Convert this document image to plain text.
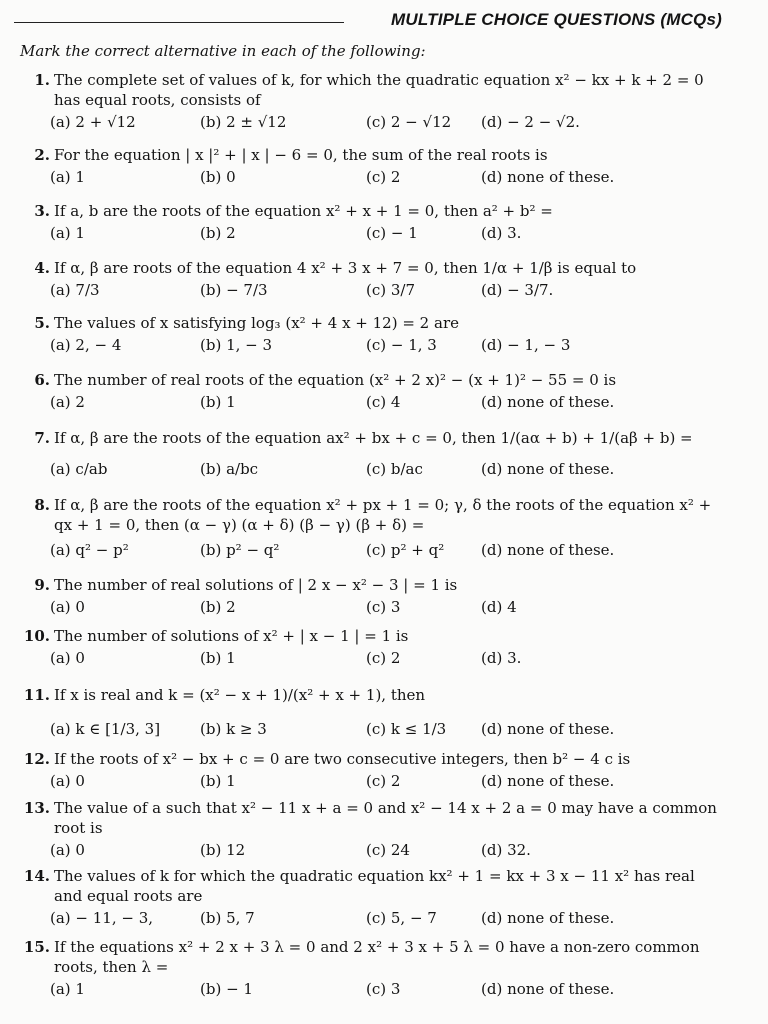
MULTIPLE CHOICE QUESTIONS (MCQs)
Mark the correct alternative in each of the following:
1. The complete set of values of k, for which the quadratic equation x² − kx + k + 2 = 0 has equal roots, consists of
(a) 2 + √12	(b) 2 ± √12	(c) 2 − √12 (d) − 2 − √2.
2. For the equation | x |² + | x | − 6 = 0, the sum of the real roots is
(a) 1	(b) 0	(c) 2	(d) none of these.
3. If a, b are the roots of the equation x² + x + 1 = 0, then a² + b² =
(a) 1	(b) 2	(c) − 1	(d) 3.
4. If α, β are roots of the equation 4 x² + 3 x + 7 = 0, then 1/α + 1/β is equal to
(a) 7/3	(b) − 7/3	(c) 3/7	(d) − 3/7.
5. The values of x satisfying log₃ (x² + 4 x + 12) = 2 are
(a) 2, − 4	(b) 1, − 3	(c) − 1, 3	(d) − 1, − 3
6. The number of real roots of the equation (x² + 2 x)² − (x + 1)² − 55 = 0 is
(a) 2	(b) 1	(c) 4	(d) none of these.
7. If α, β are the roots of the equation ax² + bx + c = 0, then 1/(aα + b) + 1/(aβ + b) =
(a) c/ab	(b) a/bc	(c) b/ac	(d) none of these.
8. If α, β are the roots of the equation x² + px + 1 = 0; γ, δ the roots of the equation x² + qx + 1 = 0, then (α − γ) (α + δ) (β − γ) (β + δ) =
(a) q² − p²	(b) p² − q²	(c) p² + q² (d) none of these.
9. The number of real solutions of | 2 x − x² − 3 | = 1 is
(a) 0	(b) 2	(c) 3	(d) 4
10. The number of solutions of x² + | x − 1 | = 1 is
(a) 0	(b) 1	(c) 2	(d) 3.
11. If x is real and k = (x² − x + 1)/(x² + x + 1), then
(a) k ∈ [1/3, 3]	(b) k ≥ 3	(c) k ≤ 1/3 (d) none of these.
12. If the roots of x² − bx + c = 0 are two consecutive integers, then b² − 4 c is
(a) 0	(b) 1	(c) 2	(d) none of these.
13. The value of a such that x² − 11 x + a = 0 and x² − 14 x + 2 a = 0 may have a common root is
(a) 0	(b) 12	(c) 24	(d) 32.
14. The values of k for which the quadratic equation kx² + 1 = kx + 3 x − 11 x² has real and equal roots are
(a) − 11, − 3,	(b) 5, 7	(c) 5, − 7	(d) none of these.
15. If the equations x² + 2 x + 3 λ = 0 and 2 x² + 3 x + 5 λ = 0 have a non-zero common roots, then λ =
(a) 1	(b) − 1	(c) 3	(d) none of these.
